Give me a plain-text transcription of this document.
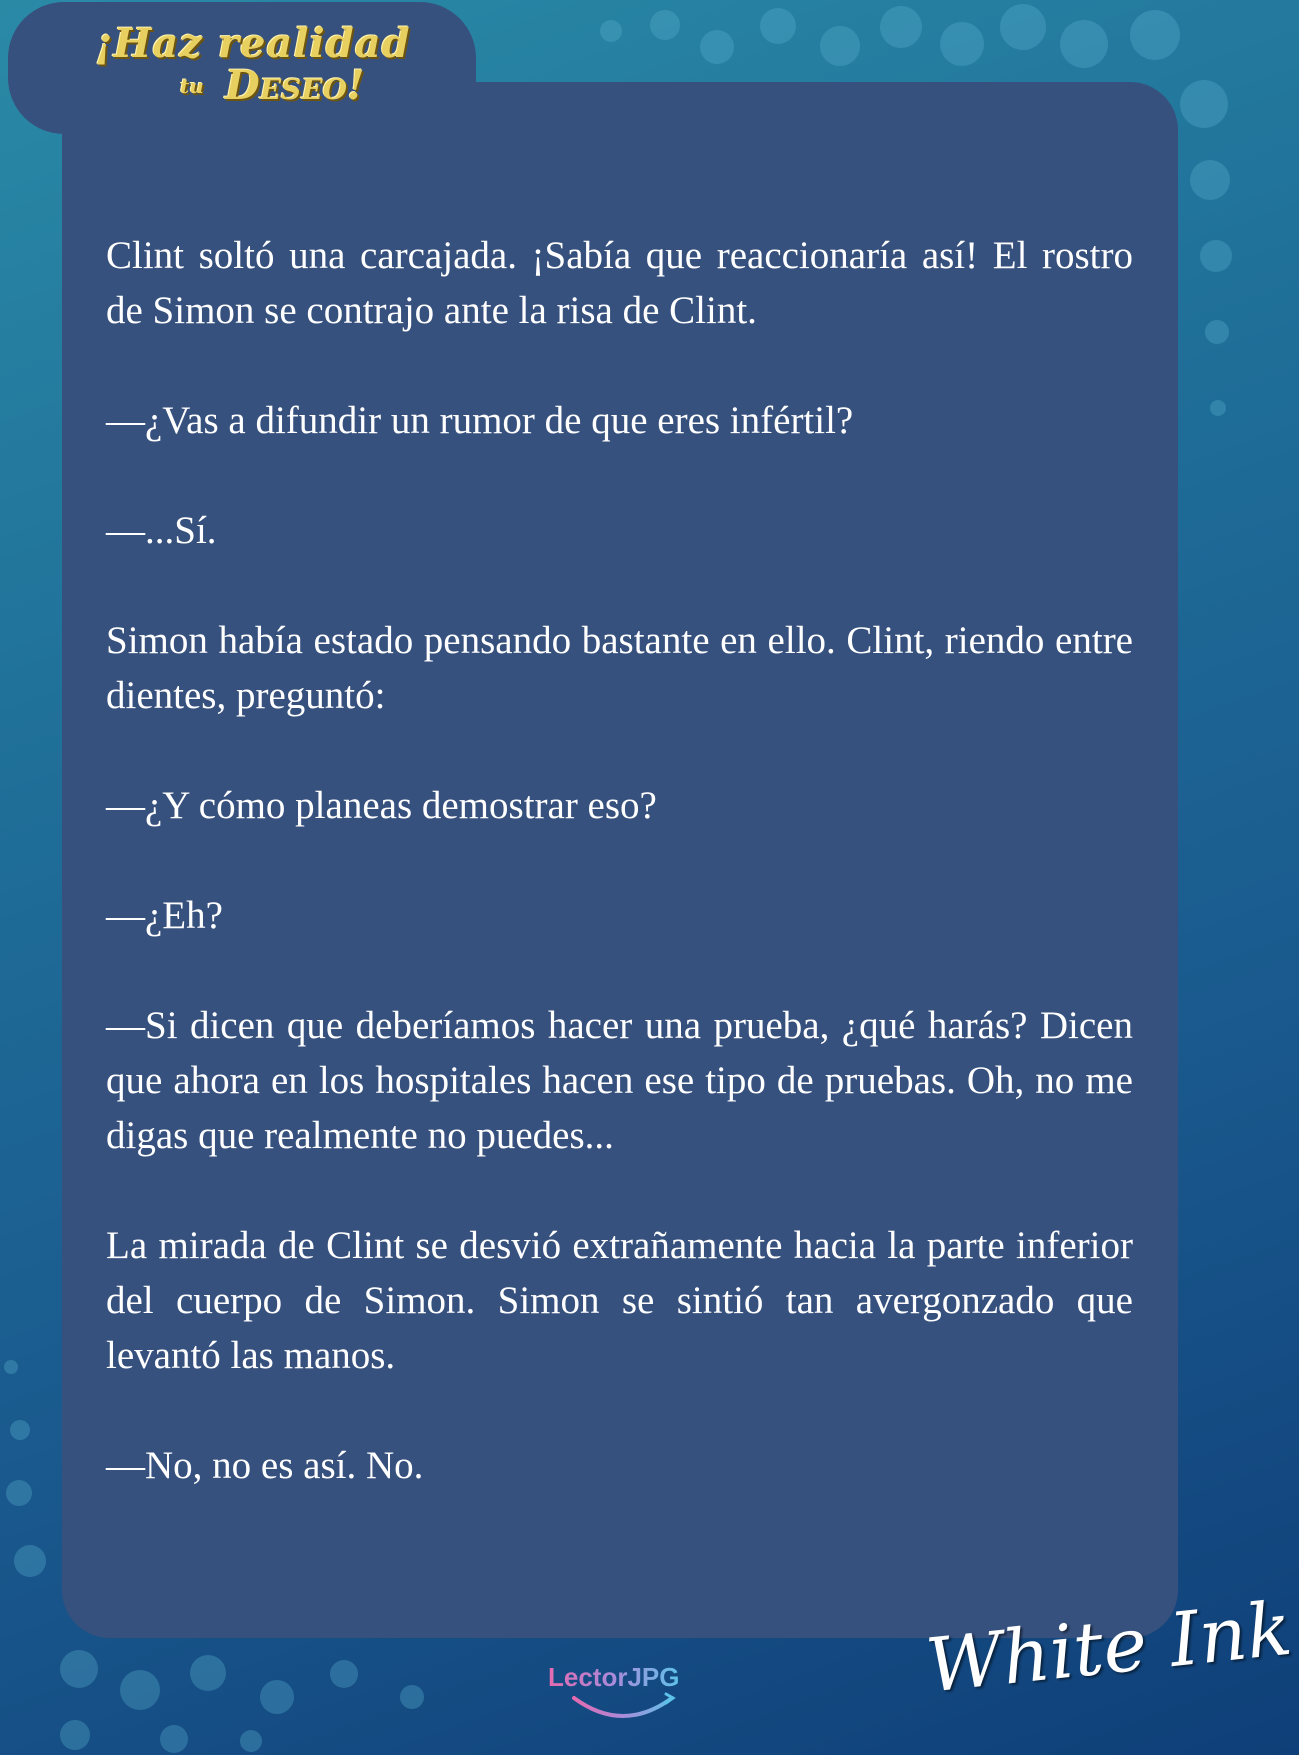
¡Haz realidad
tu Deseo!

Clint soltó una carcajada. ¡Sabía que reaccionaría así! El rostro de Simon se contrajo ante la risa de Clint.

—¿Vas a difundir un rumor de que eres infértil?

—...Sí.

Simon había estado pensando bastante en ello. Clint, riendo entre dientes, preguntó:

—¿Y cómo planeas demostrar eso?

—¿Eh?

—Si dicen que deberíamos hacer una prueba, ¿qué harás? Dicen que ahora en los hospitales hacen ese tipo de pruebas. Oh, no me digas que realmente no puedes...

La mirada de Clint se desvió extrañamente hacia la parte inferior del cuerpo de Simon. Simon se sintió tan avergonzado que levantó las manos.

—No, no es así. No.

LectorJPG	White Ink
